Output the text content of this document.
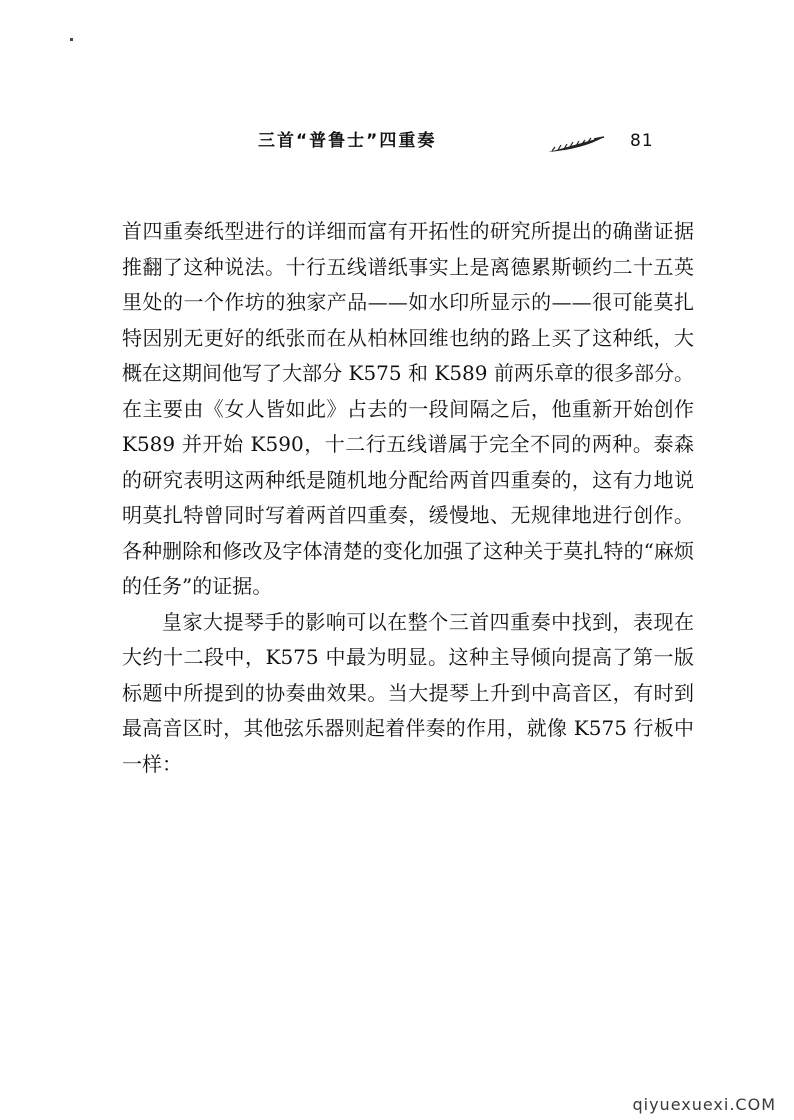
三首“普鲁士”四重奏	81

首四重奏纸型进行的详细而富有开拓性的研究所提出的确凿证据推翻了这种说法。十行五线谱纸事实上是离德累斯顿约二十五英里处的一个作坊的独家产品——如水印所显示的——很可能莫扎特因别无更好的纸张而在从柏林回维也纳的路上买了这种纸，大概在这期间他写了大部分 K575 和 K589 前两乐章的很多部分。在主要由《女人皆如此》占去的一段间隔之后，他重新开始创作 K589 并开始 K590，十二行五线谱属于完全不同的两种。泰森的研究表明这两种纸是随机地分配给两首四重奏的，这有力地说明莫扎特曾同时写着两首四重奏，缓慢地、无规律地进行创作。各种删除和修改及字体清楚的变化加强了这种关于莫扎特的“麻烦的任务”的证据。

皇家大提琴手的影响可以在整个三首四重奏中找到，表现在大约十二段中，K575 中最为明显。这种主导倾向提高了第一版标题中所提到的协奏曲效果。当大提琴上升到中高音区，有时到最高音区时，其他弦乐器则起着伴奏的作用，就像 K575 行板中一样：

qiyuexuexi.COM
